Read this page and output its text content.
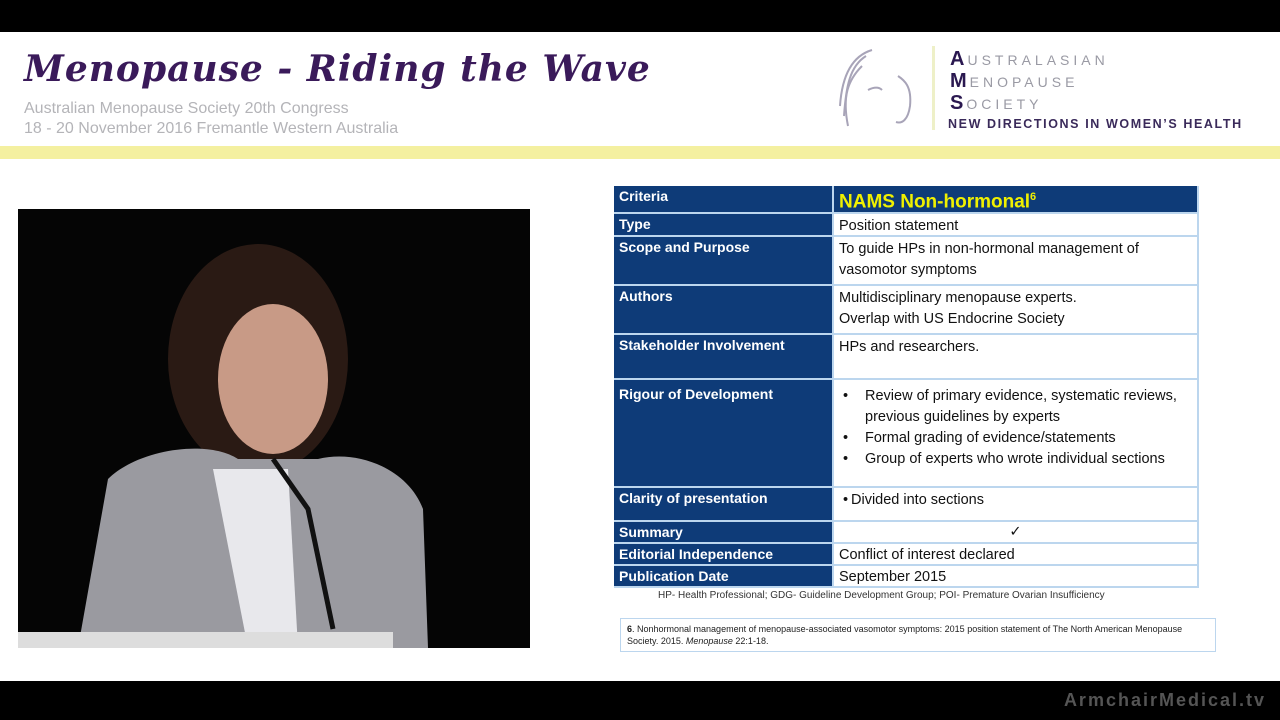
Menopause - Riding the Wave
Australian Menopause Society 20th Congress
18 - 20 November 2016 Fremantle Western Australia
AUSTRALASIAN
MENOPAUSE
SOCIETY
NEW DIRECTIONS IN WOMEN’S HEALTH
Criteria	NAMS Non-hormonal$^6$
Type	Position statement
Scope and Purpose	To guide HPs in non-hormonal management of vasomotor symptoms
Authors	Multidisciplinary menopause experts.
Overlap with US Endocrine Society
Stakeholder Involvement	HPs and researchers.
Rigour of Development	• Review of primary evidence, systematic reviews, previous guidelines by experts
• Formal grading of evidence/statements
• Group of experts who wrote individual sections
Clarity of presentation	• Divided into sections
Summary	✓
Editorial Independence	Conflict of interest declared
Publication Date	September 2015
HP- Health Professional; GDG- Guideline Development Group; POI- Premature Ovarian Insufficiency
6. Nonhormonal management of menopause-associated vasomotor symptoms: 2015 position statement of The North American Menopause Society. 2015. Menopause 22:1-18.
ArmchairMedical.tv
